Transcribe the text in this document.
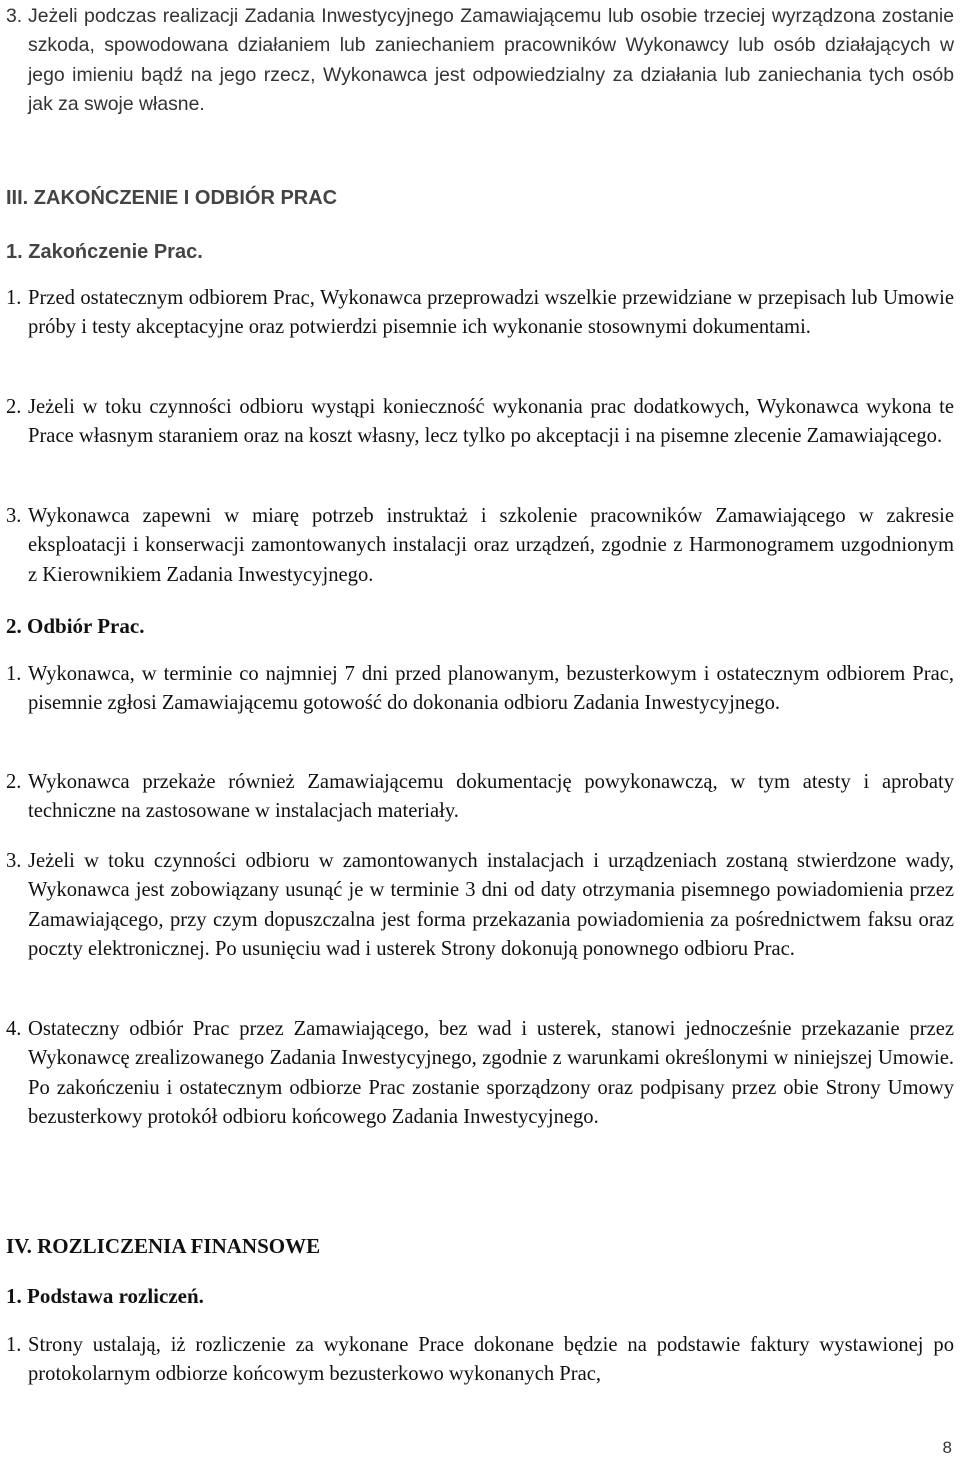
3. Jeżeli podczas realizacji Zadania Inwestycyjnego Zamawiającemu lub osobie trzeciej wyrządzona zostanie szkoda, spowodowana działaniem lub zaniechaniem pracowników Wykonawcy lub osób działających w jego imieniu bądź na jego rzecz, Wykonawca jest odpowiedzialny za działania lub zaniechania tych osób jak za swoje własne.
III. ZAKOŃCZENIE I ODBIÓR PRAC
1. Zakończenie Prac.
1. Przed ostatecznym odbiorem Prac, Wykonawca przeprowadzi wszelkie przewidziane w przepisach lub Umowie próby i testy akceptacyjne oraz potwierdzi pisemnie ich wykonanie stosownymi dokumentami.
2. Jeżeli w toku czynności odbioru wystąpi konieczność wykonania prac dodatkowych, Wykonawca wykona te Prace własnym staraniem oraz na koszt własny, lecz tylko po akceptacji i na pisemne zlecenie Zamawiającego.
3. Wykonawca zapewni w miarę potrzeb instruktaż i szkolenie pracowników Zamawiającego w zakresie eksploatacji i konserwacji zamontowanych instalacji oraz urządzeń, zgodnie z Harmonogramem uzgodnionym z Kierownikiem Zadania Inwestycyjnego.
2. Odbiór Prac.
1. Wykonawca, w terminie co najmniej 7 dni przed planowanym, bezusterkowym i ostatecznym odbiorem Prac, pisemnie zgłosi Zamawiającemu gotowość do dokonania odbioru Zadania Inwestycyjnego.
2. Wykonawca przekaże również Zamawiającemu dokumentację powykonawczą, w tym atesty i aprobaty techniczne na zastosowane w instalacjach materiały.
3. Jeżeli w toku czynności odbioru w zamontowanych instalacjach i urządzeniach zostaną stwierdzone wady, Wykonawca jest zobowiązany usunąć je w terminie 3 dni od daty otrzymania pisemnego powiadomienia przez Zamawiającego, przy czym dopuszczalna jest forma przekazania powiadomienia za pośrednictwem faksu oraz poczty elektronicznej. Po usunięciu wad i usterek Strony dokonują ponownego odbioru Prac.
4. Ostateczny odbiór Prac przez Zamawiającego, bez wad i usterek, stanowi jednocześnie przekazanie przez Wykonawcę zrealizowanego Zadania Inwestycyjnego, zgodnie z warunkami określonymi w niniejszej Umowie. Po zakończeniu i ostatecznym odbiorze Prac zostanie sporządzony oraz podpisany przez obie Strony Umowy bezusterkowy protokół odbioru końcowego Zadania Inwestycyjnego.
IV. ROZLICZENIA FINANSOWE
1. Podstawa rozliczeń.
1. Strony ustalają, iż rozliczenie za wykonane Prace dokonane będzie na podstawie faktury wystawionej po protokolarnym odbiorze końcowym bezusterkowo wykonanych Prac,
8
